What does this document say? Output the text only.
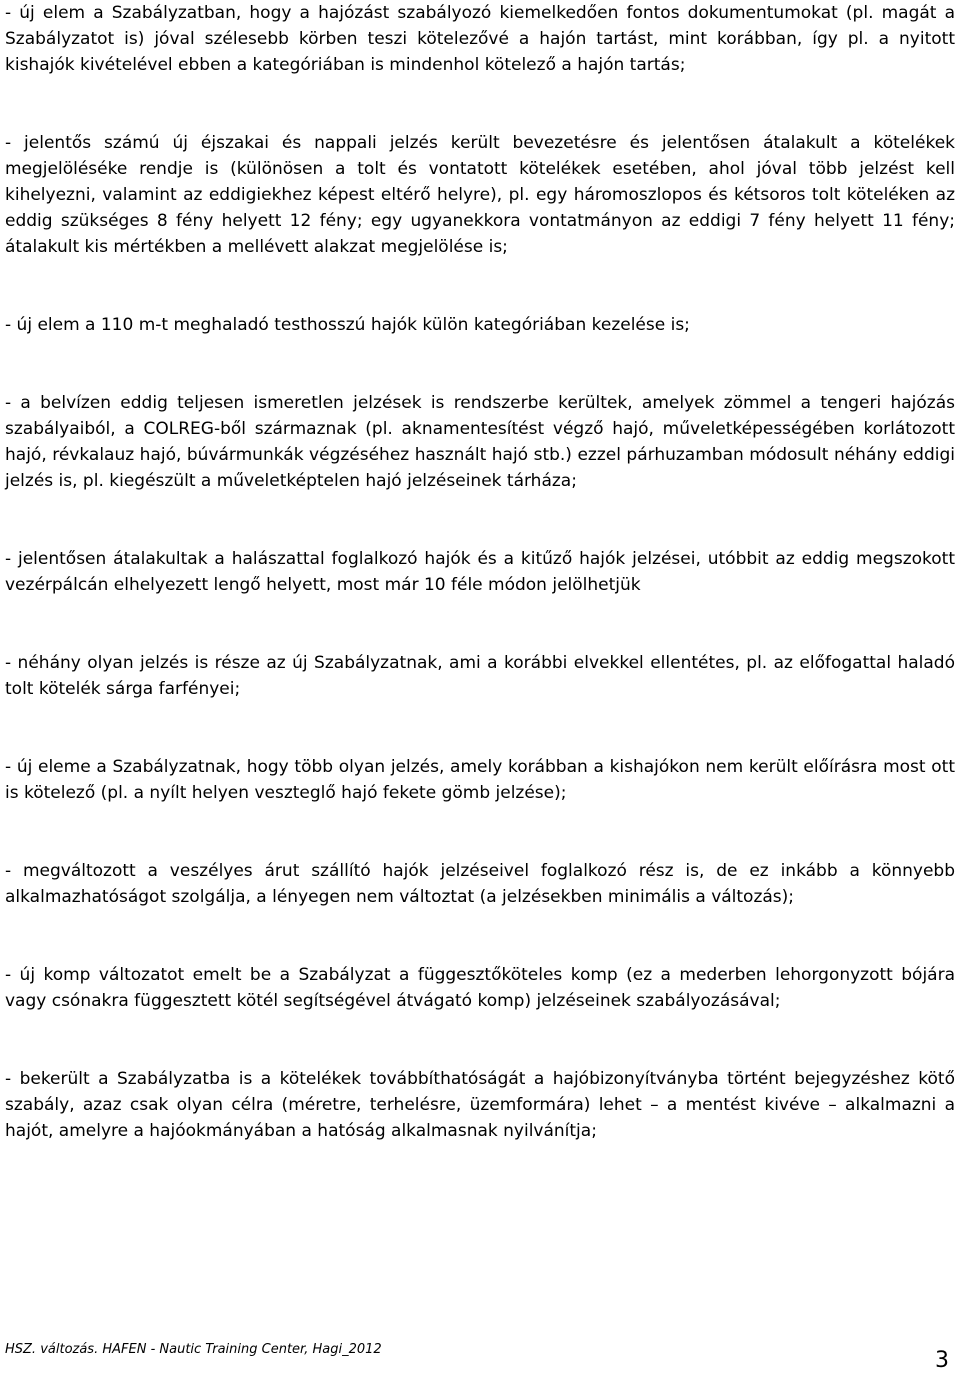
- új elem a Szabályzatban, hogy a hajózást szabályozó kiemelkedően fontos dokumentumokat (pl. magát a Szabályzatot is) jóval szélesebb körben teszi kötelezővé a hajón tartást, mint korábban, így pl. a nyitott kishajók kivételével ebben a kategóriában is mindenhol kötelező a hajón tartás;

- jelentős számú új éjszakai és nappali jelzés került bevezetésre és jelentősen átalakult a kötelékek megjelöléséke rendje is (különösen a tolt és vontatott kötelékek esetében, ahol jóval több jelzést kell kihelyezni, valamint az eddigiekhez képest eltérő helyre), pl. egy háromoszlopos és kétsoros tolt köteléken az eddig szükséges 8 fény helyett 12 fény; egy ugyanekkora vontatmányon az eddigi 7 fény helyett 11 fény; átalakult kis mértékben a mellévett alakzat megjelölése is;

- új elem a 110 m-t meghaladó testhosszú hajók külön kategóriában kezelése is;

- a belvízen eddig teljesen ismeretlen jelzések is rendszerbe kerültek, amelyek zömmel a tengeri hajózás szabályaiból, a COLREG-ből származnak (pl. aknamentesítést végző hajó, műveletképességében korlátozott hajó, révkalauz hajó, búvármunkák végzéséhez használt hajó stb.) ezzel párhuzamban módosult néhány eddigi jelzés is, pl. kiegészült a műveletképtelen hajó jelzéseinek tárháza;

- jelentősen átalakultak a halászattal foglalkozó hajók és a kitűző hajók jelzései, utóbbit az eddig megszokott vezérpálcán elhelyezett lengő helyett, most már 10 féle módon jelölhetjük

- néhány olyan jelzés is része az új Szabályzatnak, ami a korábbi elvekkel ellentétes, pl. az előfogattal haladó tolt kötelék sárga farfényei;

- új eleme a Szabályzatnak, hogy több olyan jelzés, amely korábban a kishajókon nem került előírásra most ott is kötelező (pl. a nyílt helyen veszteglő hajó fekete gömb jelzése);

- megváltozott a veszélyes árut szállító hajók jelzéseivel foglalkozó rész is, de ez inkább a könnyebb alkalmazhatóságot szolgálja, a lényegen nem változtat (a jelzésekben minimális a változás);

- új komp változatot emelt be a Szabályzat a függesztőköteles komp (ez a mederben lehorgonyzott bójára vagy csónakra függesztett kötél segítségével átvágató komp) jelzéseinek szabályozásával;

- bekerült a Szabályzatba is a kötelékek továbbíthatóságát a hajóbizonyítványba történt bejegyzéshez kötő szabály, azaz csak olyan célra (méretre, terhelésre, üzemformára) lehet – a mentést kivéve – alkalmazni a hajót, amelyre a hajóokmányában a hatóság alkalmasnak nyilvánítja;

HSZ. változás. HAFEN - Nautic Training Center, Hagi_2012	3
